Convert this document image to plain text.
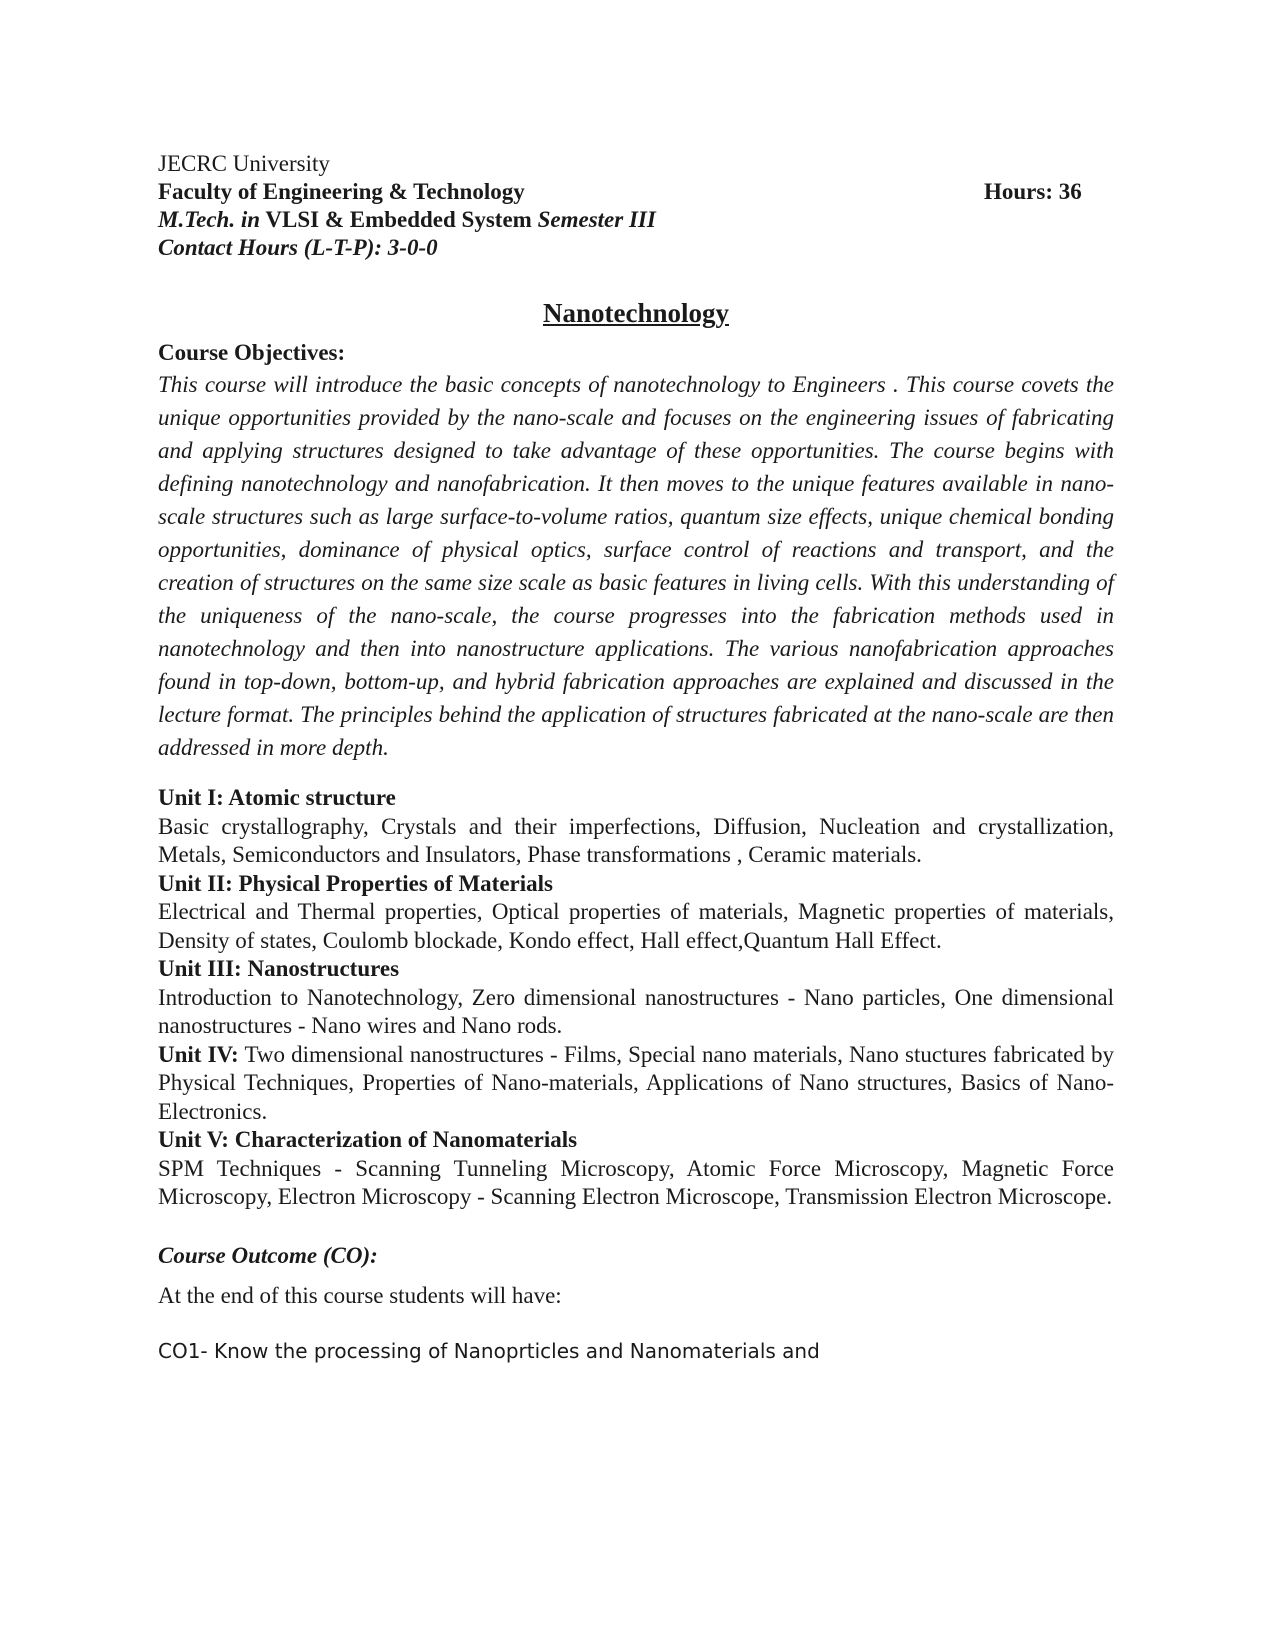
JECRC University
Faculty of Engineering & Technology	Hours: 36
M.Tech. in VLSI & Embedded System Semester III
Contact Hours (L-T-P): 3-0-0
Nanotechnology
Course Objectives:

This course will introduce the basic concepts of nanotechnology to Engineers . This course covets the unique opportunities provided by the nano-scale and focuses on the engineering issues of fabricating and applying structures designed to take advantage of these opportunities. The course begins with defining nanotechnology and nanofabrication. It then moves to the unique features available in nano-scale structures such as large surface-to-volume ratios, quantum size effects, unique chemical bonding opportunities, dominance of physical optics, surface control of reactions and transport, and the creation of structures on the same size scale as basic features in living cells. With this understanding of the uniqueness of the nano-scale, the course progresses into the fabrication methods used in nanotechnology and then into nanostructure applications. The various nanofabrication approaches found in top-down, bottom-up, and hybrid fabrication approaches are explained and discussed in the lecture format. The principles behind the application of structures fabricated at the nano-scale are then addressed in more depth.

Unit I: Atomic structure

Basic crystallography, Crystals and their imperfections, Diffusion, Nucleation and crystallization, Metals, Semiconductors and Insulators, Phase transformations , Ceramic materials.

Unit II: Physical Properties of Materials

Electrical and Thermal properties, Optical properties of materials, Magnetic properties of materials, Density of states, Coulomb blockade, Kondo effect, Hall effect,Quantum Hall Effect.

Unit III: Nanostructures

Introduction to Nanotechnology, Zero dimensional nanostructures - Nano particles, One dimensional nanostructures - Nano wires and Nano rods.

Unit IV: Two dimensional nanostructures - Films, Special nano materials, Nano stuctures fabricated by Physical Techniques, Properties of Nano-materials, Applications of Nano structures, Basics of Nano-Electronics.

Unit V: Characterization of Nanomaterials

SPM Techniques - Scanning Tunneling Microscopy, Atomic Force Microscopy, Magnetic Force Microscopy, Electron Microscopy - Scanning Electron Microscope, Transmission Electron Microscope.

Course Outcome (CO):
At the end of this course students will have:
CO1- Know the processing of Nanoprticles and Nanomaterials and
